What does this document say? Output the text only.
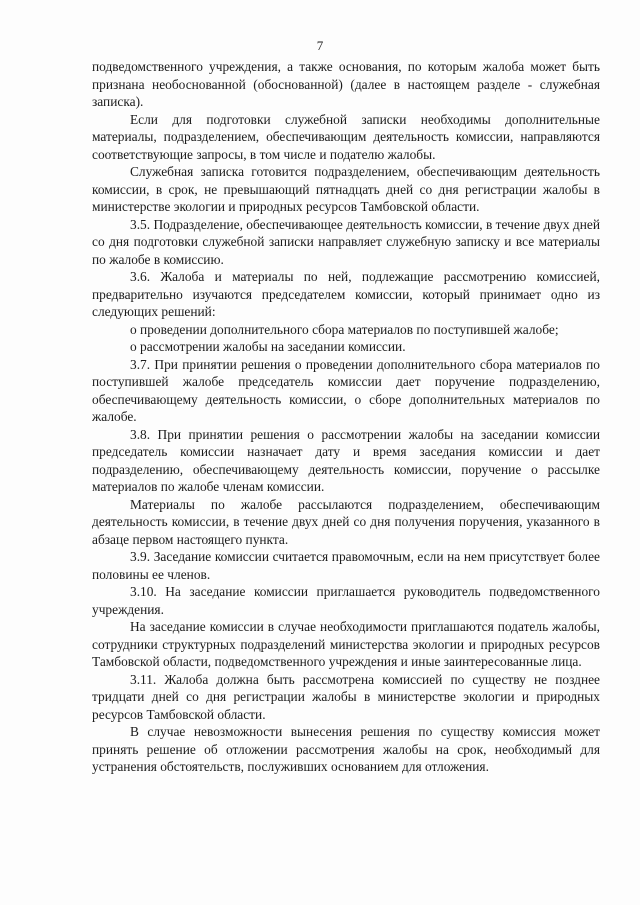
7

подведомственного учреждения, а также основания, по которым жалоба может быть признана необоснованной (обоснованной) (далее в настоящем разделе - служебная записка).

Если для подготовки служебной записки необходимы дополнительные материалы, подразделением, обеспечивающим деятельность комиссии, направляются соответствующие запросы, в том числе и подателю жалобы.

Служебная записка готовится подразделением, обеспечивающим деятельность комиссии, в срок, не превышающий пятнадцать дней со дня регистрации жалобы в министерстве экологии и природных ресурсов Тамбовской области.

3.5. Подразделение, обеспечивающее деятельность комиссии, в течение двух дней со дня подготовки служебной записки направляет служебную записку и все материалы по жалобе в комиссию.

3.6. Жалоба и материалы по ней, подлежащие рассмотрению комиссией, предварительно изучаются председателем комиссии, который принимает одно из следующих решений:

о проведении дополнительного сбора материалов по поступившей жалобе;

о рассмотрении жалобы на заседании комиссии.

3.7. При принятии решения о проведении дополнительного сбора материалов по поступившей жалобе председатель комиссии дает поручение подразделению, обеспечивающему деятельность комиссии, о сборе дополнительных материалов по жалобе.

3.8. При принятии решения о рассмотрении жалобы на заседании комиссии председатель комиссии назначает дату и время заседания комиссии и дает подразделению, обеспечивающему деятельность комиссии, поручение о рассылке материалов по жалобе членам комиссии.

Материалы по жалобе рассылаются подразделением, обеспечивающим деятельность комиссии, в течение двух дней со дня получения поручения, указанного в абзаце первом настоящего пункта.

3.9. Заседание комиссии считается правомочным, если на нем присутствует более половины ее членов.

3.10. На заседание комиссии приглашается руководитель подведомственного учреждения.

На заседание комиссии в случае необходимости приглашаются податель жалобы, сотрудники структурных подразделений министерства экологии и природных ресурсов Тамбовской области, подведомственного учреждения и иные заинтересованные лица.

3.11. Жалоба должна быть рассмотрена комиссией по существу не позднее тридцати дней со дня регистрации жалобы в министерстве экологии и природных ресурсов Тамбовской области.

В случае невозможности вынесения решения по существу комиссия может принять решение об отложении рассмотрения жалобы на срок, необходимый для устранения обстоятельств, послуживших основанием для отложения.
